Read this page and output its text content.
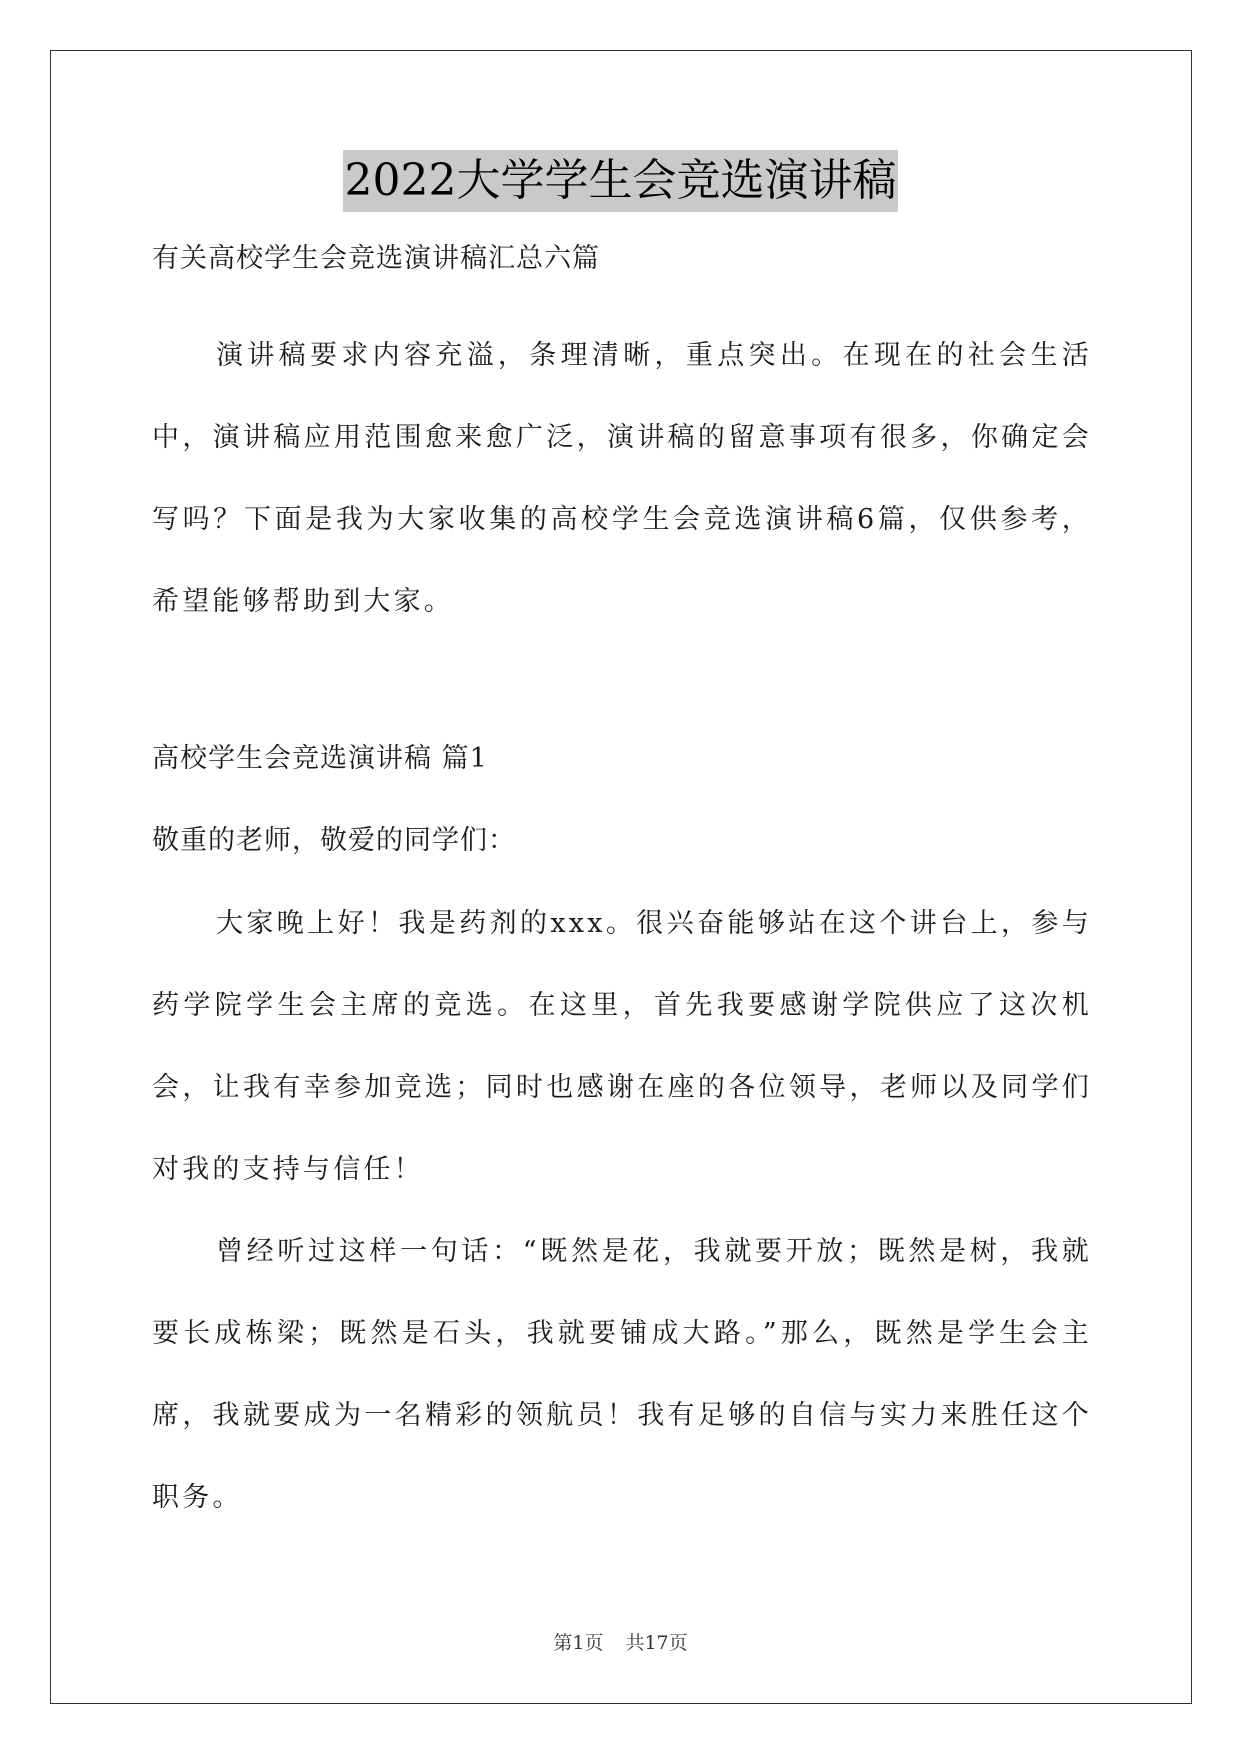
2022大学学生会竞选演讲稿

有关高校学生会竞选演讲稿汇总六篇

演讲稿要求内容充溢，条理清晰，重点突出。在现在的社会生活中，演讲稿应用范围愈来愈广泛，演讲稿的留意事项有很多，你确定会写吗？下面是我为大家收集的高校学生会竞选演讲稿6篇，仅供参考，希望能够帮助到大家。

高校学生会竞选演讲稿 篇1

敬重的老师，敬爱的同学们：

大家晚上好！我是药剂的xxx。很兴奋能够站在这个讲台上，参与药学院学生会主席的竞选。在这里，首先我要感谢学院供应了这次机会，让我有幸参加竞选；同时也感谢在座的各位领导，老师以及同学们对我的支持与信任！

曾经听过这样一句话：“既然是花，我就要开放；既然是树，我就要长成栋梁；既然是石头，我就要铺成大路。”那么，既然是学生会主席，我就要成为一名精彩的领航员！我有足够的自信与实力来胜任这个职务。

第1页 共17页
